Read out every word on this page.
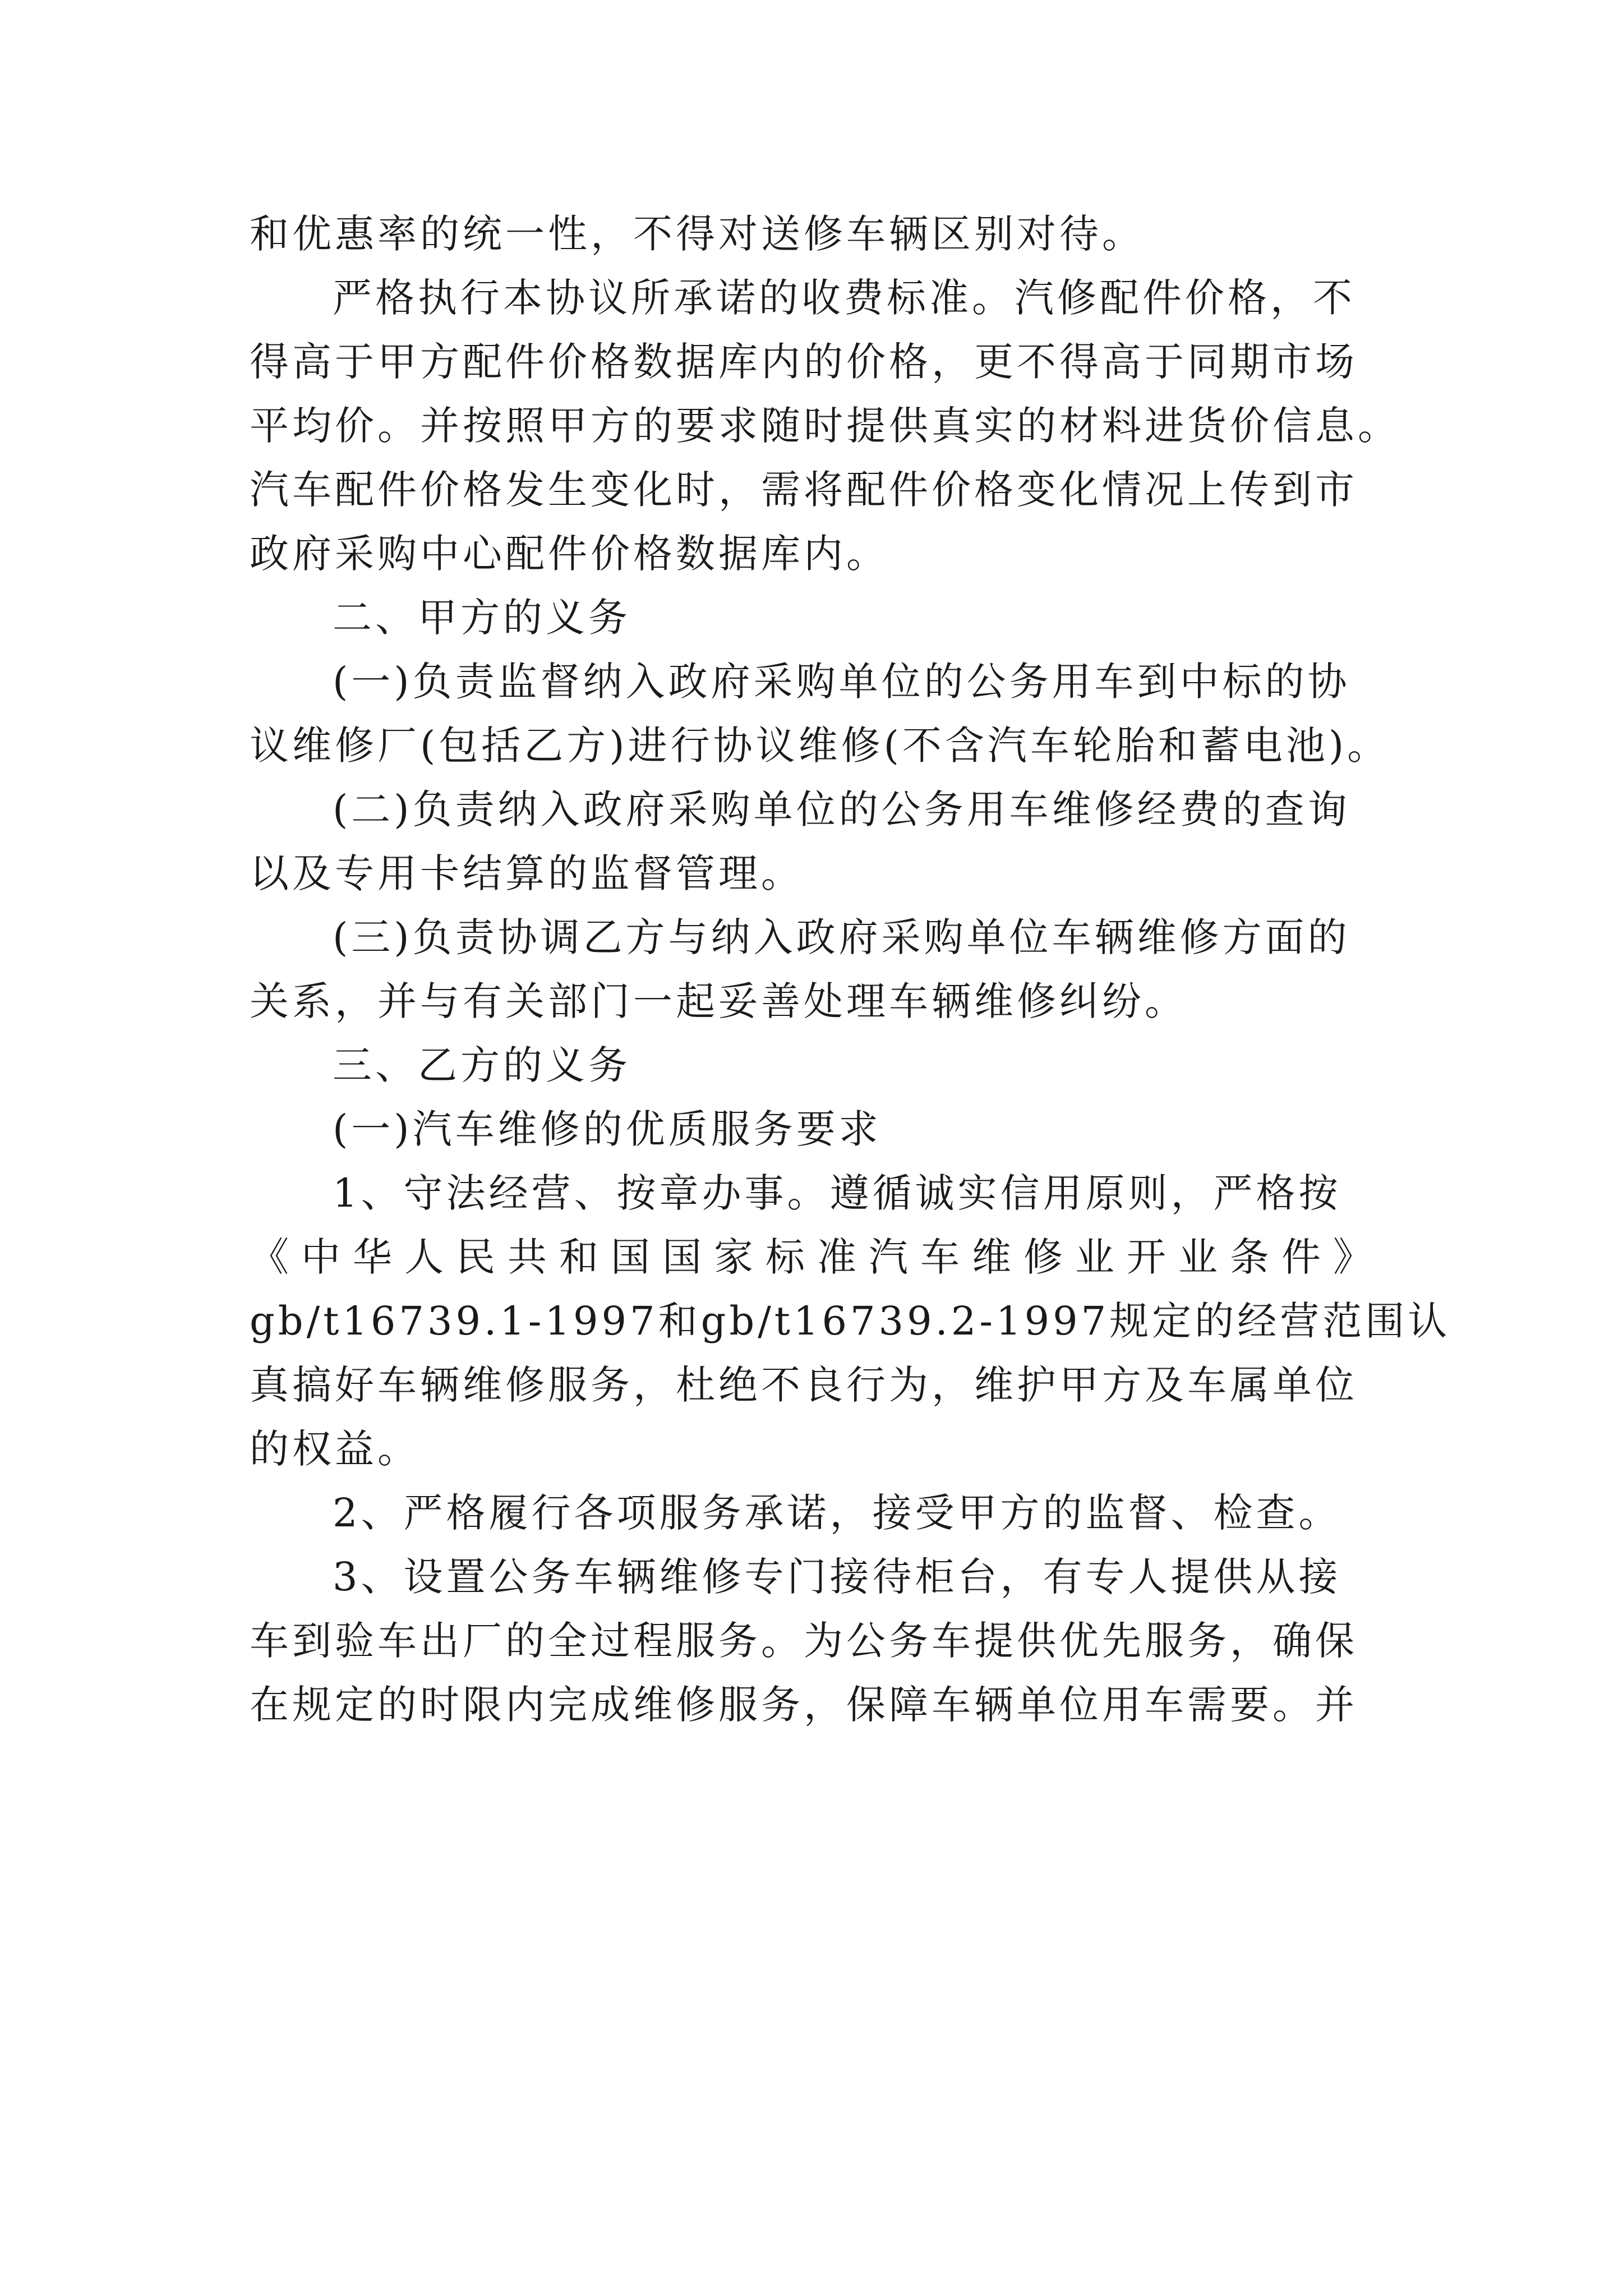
和优惠率的统一性，不得对送修车辆区别对待。
严格执行本协议所承诺的收费标准。汽修配件价格，不
得高于甲方配件价格数据库内的价格，更不得高于同期市场
平均价。并按照甲方的要求随时提供真实的材料进货价信息。
汽车配件价格发生变化时，需将配件价格变化情况上传到市
政府采购中心配件价格数据库内。
二、甲方的义务
(一)负责监督纳入政府采购单位的公务用车到中标的协
议维修厂(包括乙方)进行协议维修(不含汽车轮胎和蓄电池)。
(二)负责纳入政府采购单位的公务用车维修经费的查询
以及专用卡结算的监督管理。
(三)负责协调乙方与纳入政府采购单位车辆维修方面的
关系，并与有关部门一起妥善处理车辆维修纠纷。
三、乙方的义务
(一)汽车维修的优质服务要求
1、守法经营、按章办事。遵循诚实信用原则，严格按
《中华人民共和国国家标准汽车维修业开业条件》
gb/t16739.1-1997和gb/t16739.2-1997规定的经营范围认
真搞好车辆维修服务，杜绝不良行为，维护甲方及车属单位
的权益。
2、严格履行各项服务承诺，接受甲方的监督、检查。
3、设置公务车辆维修专门接待柜台，有专人提供从接
车到验车出厂的全过程服务。为公务车提供优先服务，确保
在规定的时限内完成维修服务，保障车辆单位用车需要。并
